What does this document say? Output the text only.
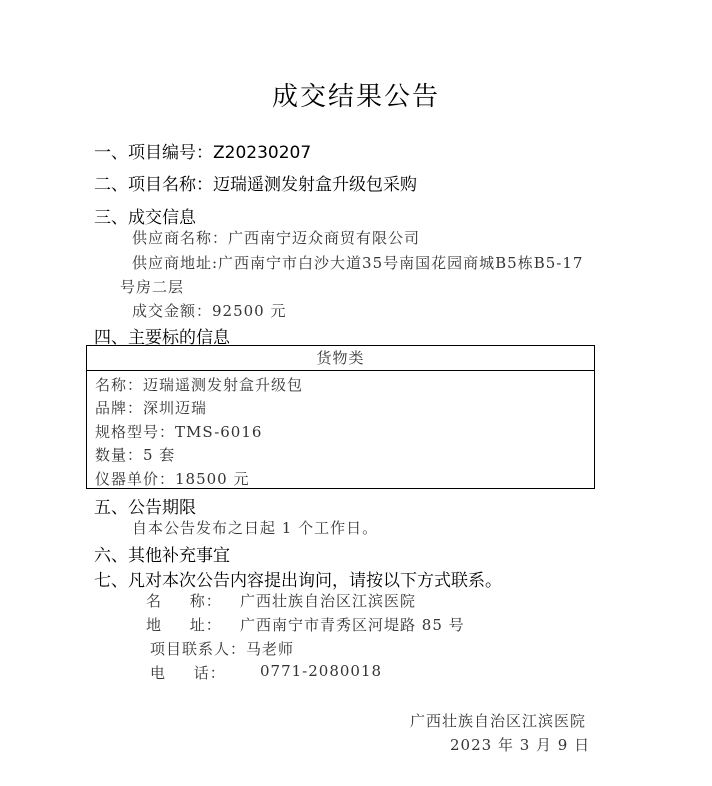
成交结果公告
一、项目编号：Z20230207
二、项目名称：迈瑞遥测发射盒升级包采购
三、成交信息
供应商名称：广西南宁迈众商贸有限公司
供应商地址:广西南宁市白沙大道35号南国花园商城B5栋B5-17
号房二层
成交金额：92500 元
四、主要标的信息
货物类
名称：迈瑞遥测发射盒升级包
品牌：深圳迈瑞
规格型号：TMS-6016
数量：5 套
仪器单价：18500 元
五、公告期限
自本公告发布之日起 1 个工作日。
六、其他补充事宜
七、凡对本次公告内容提出询问，请按以下方式联系。
名 称： 广西壮族自治区江滨医院
地 址： 广西南宁市青秀区河堤路 85 号
项目联系人：马老师
电 话： 0771-2080018
广西壮族自治区江滨医院
2023 年 3 月 9 日
